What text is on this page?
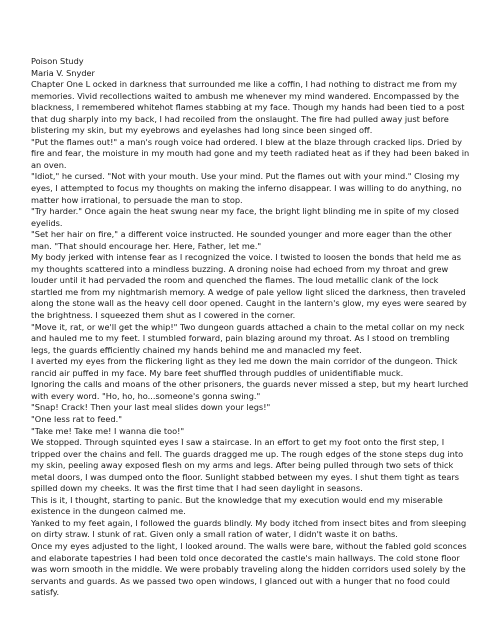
Poison Study

Maria V. Snyder

Chapter One L ocked in darkness that surrounded me like a coffin, I had nothing to distract me from my memories. Vivid recollections waited to ambush me whenever my mind wandered. Encompassed by the blackness, I remembered whitehot flames stabbing at my face. Though my hands had been tied to a post that dug sharply into my back, I had recoiled from the onslaught. The fire had pulled away just before blistering my skin, but my eyebrows and eyelashes had long since been singed off.

"Put the flames out!" a man's rough voice had ordered. I blew at the blaze through cracked lips. Dried by fire and fear, the moisture in my mouth had gone and my teeth radiated heat as if they had been baked in an oven.

"Idiot," he cursed. "Not with your mouth. Use your mind. Put the flames out with your mind." Closing my eyes, I attempted to focus my thoughts on making the inferno disappear. I was willing to do anything, no matter how irrational, to persuade the man to stop.

"Try harder." Once again the heat swung near my face, the bright light blinding me in spite of my closed eyelids.

"Set her hair on fire," a different voice instructed. He sounded younger and more eager than the other man. "That should encourage her. Here, Father, let me."

My body jerked with intense fear as I recognized the voice. I twisted to loosen the bonds that held me as my thoughts scattered into a mindless buzzing. A droning noise had echoed from my throat and grew louder until it had pervaded the room and quenched the flames. The loud metallic clank of the lock startled me from my nightmarish memory. A wedge of pale yellow light sliced the darkness, then traveled along the stone wall as the heavy cell door opened. Caught in the lantern's glow, my eyes were seared by the brightness. I squeezed them shut as I cowered in the corner.

"Move it, rat, or we'll get the whip!" Two dungeon guards attached a chain to the metal collar on my neck and hauled me to my feet. I stumbled forward, pain blazing around my throat. As I stood on trembling legs, the guards efficiently chained my hands behind me and manacled my feet.

I averted my eyes from the flickering light as they led me down the main corridor of the dungeon. Thick rancid air puffed in my face. My bare feet shuffled through puddles of unidentifiable muck.

Ignoring the calls and moans of the other prisoners, the guards never missed a step, but my heart lurched with every word. "Ho, ho, ho...someone's gonna swing."

"Snap! Crack! Then your last meal slides down your legs!"

"One less rat to feed."

"Take me! Take me! I wanna die too!"

We stopped. Through squinted eyes I saw a staircase. In an effort to get my foot onto the first step, I tripped over the chains and fell. The guards dragged me up. The rough edges of the stone steps dug into my skin, peeling away exposed flesh on my arms and legs. After being pulled through two sets of thick metal doors, I was dumped onto the floor. Sunlight stabbed between my eyes. I shut them tight as tears spilled down my cheeks. It was the first time that I had seen daylight in seasons.

This is it, I thought, starting to panic. But the knowledge that my execution would end my miserable existence in the dungeon calmed me.

Yanked to my feet again, I followed the guards blindly. My body itched from insect bites and from sleeping on dirty straw. I stunk of rat. Given only a small ration of water, I didn't waste it on baths.

Once my eyes adjusted to the light, I looked around. The walls were bare, without the fabled gold sconces and elaborate tapestries I had been told once decorated the castle's main hallways. The cold stone floor was worn smooth in the middle. We were probably traveling along the hidden corridors used solely by the servants and guards. As we passed two open windows, I glanced out with a hunger that no food could satisfy.
